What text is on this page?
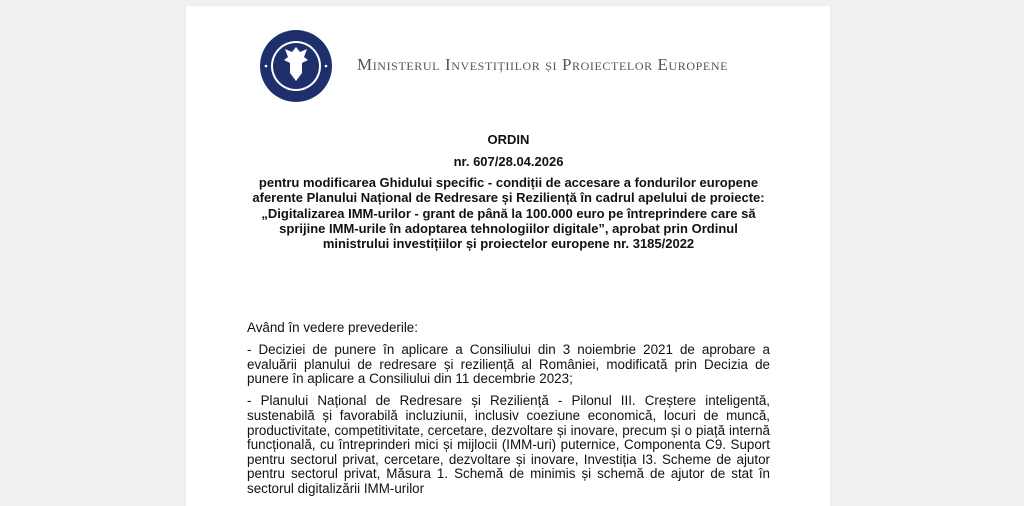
Ministerul Investițiilor și Proiectelor Europene
ORDIN
nr. 607/28.04.2026
pentru modificarea Ghidului specific - condiții de accesare a fondurilor europene aferente Planului Național de Redresare și Reziliență în cadrul apelului de proiecte: „Digitalizarea IMM-urilor - grant de până la 100.000 euro pe întreprindere care să sprijine IMM-urile în adoptarea tehnologiilor digitale”, aprobat prin Ordinul ministrului investițiilor și proiectelor europene nr. 3185/2022

Având în vedere prevederile:

- Deciziei de punere în aplicare a Consiliului din 3 noiembrie 2021 de aprobare a evaluării planului de redresare și reziliență al României, modificată prin Decizia de punere în aplicare a Consiliului din 11 decembrie 2023;

- Planului Național de Redresare și Reziliență - Pilonul III. Creștere inteligentă, sustenabilă și favorabilă incluziunii, inclusiv coeziune economică, locuri de muncă, productivitate, competitivitate, cercetare, dezvoltare și inovare, precum și o piață internă funcțională, cu întreprinderi mici și mijlocii (IMM-uri) puternice, Componenta C9. Suport pentru sectorul privat, cercetare, dezvoltare și inovare, Investiția I3. Scheme de ajutor pentru sectorul privat, Măsura 1. Schemă de minimis și schemă de ajutor de stat în sectorul digitalizării IMM-urilor
